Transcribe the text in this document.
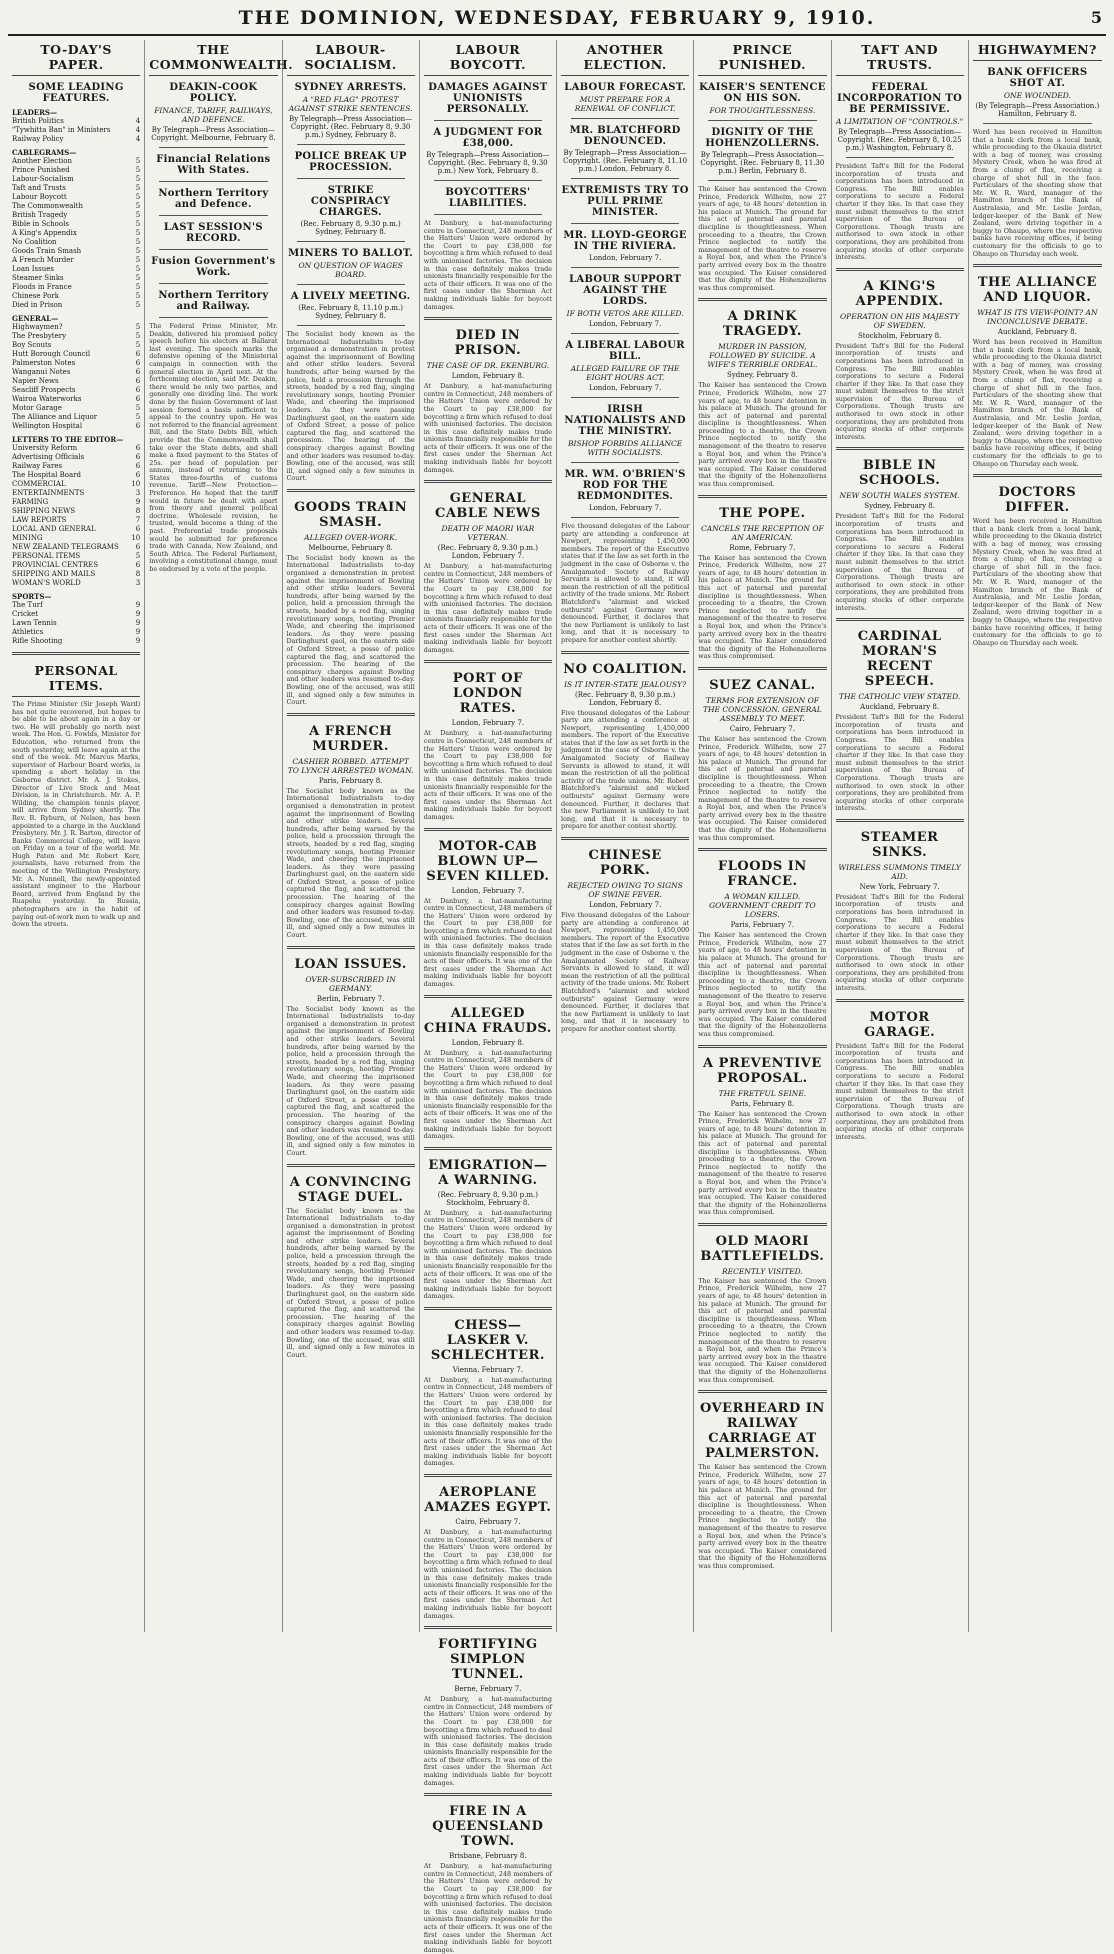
THE DOMINION, WEDNESDAY, FEBRUARY 9, 1910.	5
TO-DAY'S PAPER.
SOME LEADING FEATURES.
LEADERS—
British Politics	4
"Tywhitta Ban" in Ministers	4
Railway Policy	4
CABLEGRAMS—
Another Election	5
Prince Punished	5
Labour-Socialism	5
Taft and Trusts	5
Labour Boycott	5
The Commonwealth	5
British Tragedy	5
Bible in Schools	5
A King's Appendix	5
No Coalition	5
Goods Train Smash	5
A French Murder	5
Loan Issues	5
Steamer Sinks	5
Floods in France	5
Chinese Pork	5
Died in Prison	5
GENERAL—
Highwaymen?	5
The Presbytery	5
Boy Scouts	5
Hutt Borough Council	6
Palmerston Notes	6
Wanganui Notes	6
Napier News	6
Seacliff Prospects	6
Wairoa Waterworks	6
Motor Garage	5
The Alliance and Liquor	5
Wellington Hospital	6
LETTERS TO THE EDITOR—
University Reform	6
Advertising Officials	6
Railway Fares	6
The Hospital Board	6
COMMERCIAL	10
ENTERTAINMENTS	3
FARMING	9
SHIPPING NEWS	8
LAW REPORTS	7
LOCAL AND GENERAL	6
MINING	10
NEW ZEALAND TELEGRAMS	6
PERSONAL ITEMS	5
PROVINCIAL CENTRES	6
SHIPPING AND MAILS	8
WOMAN'S WORLD	3
SPORTS—
The Turf	9
Cricket	9
Lawn Tennis	9
Athletics	9
Rifle Shooting	9
PERSONAL ITEMS.
The Prime Minister (Sir Joseph Ward) has not quite recovered, but hopes to be able to be about again in a day or two. He will probably go north next week. The Hon. G. Fowlds, Minister for Education, who returned from the south yesterday, will leave again at the end of the week. Mr. Marcus Marks, supervisor of Harbour Board works, is spending a short holiday in the Gisborne district. Mr. A. J. Stokes, Director of Live Stock and Meat Division, is in Christchurch. Mr. A. P. Wilding, the champion tennis player, will arrive from Sydney shortly. The Rev. R. Ryburn, of Nelson, has been appointed to a charge in the Auckland Presbytery. Mr. J. R. Barton, director of Banks Commercial College, will leave on Friday on a tour of the world. Mr. Hugh Paton and Mr. Robert Kerr, journalists, have returned from the meeting of the Wellington Presbytery. Mr. A. Nunnell, the newly-appointed assistant engineer to the Harbour Board, arrived from England by the Ruapehu yesterday. In Russia, photographers are in the habit of paying out-of-work men to walk up and down the streets.
THE COMMONWEALTH.
DEAKIN-COOK POLICY.
FINANCE, TARIFF, RAILWAYS, AND DEFENCE.
By Telegraph—Press Association—Copyright. Melbourne, February 8.
Financial Relations With States.
Northern Territory and Defence.
LAST SESSION'S RECORD.
Fusion Government's Work.
Northern Territory and Railway.
The Federal Prime Minister, Mr. Deakin, delivered his promised policy speech before his electors at Ballarat last evening. The speech marks the defensive opening of the Ministerial campaign in connection with the general election in April next. At the forthcoming election, said Mr. Deakin, there would be only two parties, and generally one dividing line. The work done by the fusion Government of last session formed a basis sufficient to appeal to the country upon. He was not referred to the financial agreement Bill, and the State Debts Bill, which provide that the Commonwealth shall take over the State debts, and shall make a fixed payment to the States of 25s. per head of population per annum, instead of returning to the States three-fourths of customs revenue. Tariff—New Protection—Preference. He hoped that the tariff would in future be dealt with apart from theory and general political doctrine. Wholesale revision, he trusted, would become a thing of the past. Preferential trade proposals would be submitted for preference trade with Canada, New Zealand, and South Africa. The Federal Parliament, involving a constitutional change, must be endorsed by a vote of the people.
LABOUR-SOCIALISM.
SYDNEY ARRESTS.
A "RED FLAG" PROTEST AGAINST STRIKE SENTENCES.
By Telegraph—Press Association—Copyright. (Rec. February 8, 9.30 p.m.) Sydney, February 8.
POLICE BREAK UP PROCESSION.
STRIKE CONSPIRACY CHARGES.
(Rec. February 8, 9.30 p.m.) Sydney, February 8.
MINERS TO BALLOT.
ON QUESTION OF WAGES BOARD.
A LIVELY MEETING.
(Rec. February 8, 11.10 p.m.) Sydney, February 8.
The Socialist body known as the International Industrialists to-day organised a demonstration in protest against the imprisonment of Bowling and other strike leaders. Several hundreds, after being warned by the police, held a procession through the streets, headed by a red flag, singing revolutionary songs, hooting Premier Wade, and cheering the imprisoned leaders. As they were passing Darlinghurst gaol, on the eastern side of Oxford Street, a posse of police captured the flag, and scattered the procession. The hearing of the conspiracy charges against Bowling and other leaders was resumed to-day. Bowling, one of the accused, was still ill, and signed only a few minutes in Court.
GOODS TRAIN SMASH.
ALLEGED OVER-WORK.
Melbourne, February 8.
The Socialist body known as the International Industrialists to-day organised a demonstration in protest against the imprisonment of Bowling and other strike leaders. Several hundreds, after being warned by the police, held a procession through the streets, headed by a red flag, singing revolutionary songs, hooting Premier Wade, and cheering the imprisoned leaders. As they were passing Darlinghurst gaol, on the eastern side of Oxford Street, a posse of police captured the flag, and scattered the procession. The hearing of the conspiracy charges against Bowling and other leaders was resumed to-day. Bowling, one of the accused, was still ill, and signed only a few minutes in Court.
A FRENCH MURDER.
CASHIER ROBBED. ATTEMPT TO LYNCH ARRESTED WOMAN.
Paris, February 8.
The Socialist body known as the International Industrialists to-day organised a demonstration in protest against the imprisonment of Bowling and other strike leaders. Several hundreds, after being warned by the police, held a procession through the streets, headed by a red flag, singing revolutionary songs, hooting Premier Wade, and cheering the imprisoned leaders. As they were passing Darlinghurst gaol, on the eastern side of Oxford Street, a posse of police captured the flag, and scattered the procession. The hearing of the conspiracy charges against Bowling and other leaders was resumed to-day. Bowling, one of the accused, was still ill, and signed only a few minutes in Court.
LOAN ISSUES.
OVER-SUBSCRIBED IN GERMANY.
Berlin, February 7.
The Socialist body known as the International Industrialists to-day organised a demonstration in protest against the imprisonment of Bowling and other strike leaders. Several hundreds, after being warned by the police, held a procession through the streets, headed by a red flag, singing revolutionary songs, hooting Premier Wade, and cheering the imprisoned leaders. As they were passing Darlinghurst gaol, on the eastern side of Oxford Street, a posse of police captured the flag, and scattered the procession. The hearing of the conspiracy charges against Bowling and other leaders was resumed to-day. Bowling, one of the accused, was still ill, and signed only a few minutes in Court.
A CONVINCING STAGE DUEL.
The Socialist body known as the International Industrialists to-day organised a demonstration in protest against the imprisonment of Bowling and other strike leaders. Several hundreds, after being warned by the police, held a procession through the streets, headed by a red flag, singing revolutionary songs, hooting Premier Wade, and cheering the imprisoned leaders. As they were passing Darlinghurst gaol, on the eastern side of Oxford Street, a posse of police captured the flag, and scattered the procession. The hearing of the conspiracy charges against Bowling and other leaders was resumed to-day. Bowling, one of the accused, was still ill, and signed only a few minutes in Court.
LABOUR BOYCOTT.
DAMAGES AGAINST UNIONISTS PERSONALLY.
A JUDGMENT FOR £38,000.
By Telegraph—Press Association—Copyright. (Rec. February 8, 9.30 p.m.) New York, February 8.
BOYCOTTERS' LIABILITIES.
At Danbury, a hat-manufacturing centre in Connecticut, 248 members of the Hatters' Union were ordered by the Court to pay £38,000 for boycotting a firm which refused to deal with unionised factories. The decision in this case definitely makes trade unionists financially responsible for the acts of their officers. It was one of the first cases under the Sherman Act making individuals liable for boycott damages.
DIED IN PRISON.
THE CASE OF DR. EKENBURG.
London, February 8.
At Danbury, a hat-manufacturing centre in Connecticut, 248 members of the Hatters' Union were ordered by the Court to pay £38,000 for boycotting a firm which refused to deal with unionised factories. The decision in this case definitely makes trade unionists financially responsible for the acts of their officers. It was one of the first cases under the Sherman Act making individuals liable for boycott damages.
GENERAL CABLE NEWS
DEATH OF MAORI WAR VETERAN.
(Rec. February 8, 9.30 p.m.) London, February 7.
At Danbury, a hat-manufacturing centre in Connecticut, 248 members of the Hatters' Union were ordered by the Court to pay £38,000 for boycotting a firm which refused to deal with unionised factories. The decision in this case definitely makes trade unionists financially responsible for the acts of their officers. It was one of the first cases under the Sherman Act making individuals liable for boycott damages.
PORT OF LONDON RATES.
London, February 7.
At Danbury, a hat-manufacturing centre in Connecticut, 248 members of the Hatters' Union were ordered by the Court to pay £38,000 for boycotting a firm which refused to deal with unionised factories. The decision in this case definitely makes trade unionists financially responsible for the acts of their officers. It was one of the first cases under the Sherman Act making individuals liable for boycott damages.
MOTOR-CAB BLOWN UP—SEVEN KILLED.
London, February 7.
At Danbury, a hat-manufacturing centre in Connecticut, 248 members of the Hatters' Union were ordered by the Court to pay £38,000 for boycotting a firm which refused to deal with unionised factories. The decision in this case definitely makes trade unionists financially responsible for the acts of their officers. It was one of the first cases under the Sherman Act making individuals liable for boycott damages.
ALLEGED CHINA FRAUDS.
London, February 8.
At Danbury, a hat-manufacturing centre in Connecticut, 248 members of the Hatters' Union were ordered by the Court to pay £38,000 for boycotting a firm which refused to deal with unionised factories. The decision in this case definitely makes trade unionists financially responsible for the acts of their officers. It was one of the first cases under the Sherman Act making individuals liable for boycott damages.
EMIGRATION—A WARNING.
(Rec. February 8, 9.30 p.m.) Stockholm, February 8.
At Danbury, a hat-manufacturing centre in Connecticut, 248 members of the Hatters' Union were ordered by the Court to pay £38,000 for boycotting a firm which refused to deal with unionised factories. The decision in this case definitely makes trade unionists financially responsible for the acts of their officers. It was one of the first cases under the Sherman Act making individuals liable for boycott damages.
CHESS—LASKER V. SCHLECHTER.
Vienna, February 7.
At Danbury, a hat-manufacturing centre in Connecticut, 248 members of the Hatters' Union were ordered by the Court to pay £38,000 for boycotting a firm which refused to deal with unionised factories. The decision in this case definitely makes trade unionists financially responsible for the acts of their officers. It was one of the first cases under the Sherman Act making individuals liable for boycott damages.
AEROPLANE AMAZES EGYPT.
Cairo, February 7.
At Danbury, a hat-manufacturing centre in Connecticut, 248 members of the Hatters' Union were ordered by the Court to pay £38,000 for boycotting a firm which refused to deal with unionised factories. The decision in this case definitely makes trade unionists financially responsible for the acts of their officers. It was one of the first cases under the Sherman Act making individuals liable for boycott damages.
FORTIFYING SIMPLON TUNNEL.
Berne, February 7.
At Danbury, a hat-manufacturing centre in Connecticut, 248 members of the Hatters' Union were ordered by the Court to pay £38,000 for boycotting a firm which refused to deal with unionised factories. The decision in this case definitely makes trade unionists financially responsible for the acts of their officers. It was one of the first cases under the Sherman Act making individuals liable for boycott damages.
FIRE IN A QUEENSLAND TOWN.
Brisbane, February 8.
At Danbury, a hat-manufacturing centre in Connecticut, 248 members of the Hatters' Union were ordered by the Court to pay £38,000 for boycotting a firm which refused to deal with unionised factories. The decision in this case definitely makes trade unionists financially responsible for the acts of their officers. It was one of the first cases under the Sherman Act making individuals liable for boycott damages.
ANOTHER ELECTION.
LABOUR FORECAST.
MUST PREPARE FOR A RENEWAL OF CONFLICT.
MR. BLATCHFORD DENOUNCED.
By Telegraph—Press Association—Copyright. (Rec. February 8, 11.10 p.m.) London, February 8.
EXTREMISTS TRY TO PULL PRIME MINISTER.
MR. LLOYD-GEORGE IN THE RIVIERA.
London, February 7.
LABOUR SUPPORT AGAINST THE LORDS.
IF BOTH VETOS ARE KILLED.
London, February 7.
A LIBERAL LABOUR BILL.
ALLEGED FAILURE OF THE EIGHT HOURS ACT.
London, February 7.
IRISH NATIONALISTS AND THE MINISTRY.
BISHOP FORBIDS ALLIANCE WITH SOCIALISTS.
MR. WM. O'BRIEN'S ROD FOR THE REDMONDITES.
London, February 7.
Five thousand delegates of the Labour party are attending a conference at Newport, representing 1,450,000 members. The report of the Executive states that if the law as set forth in the judgment in the case of Osborne v. the Amalgamated Society of Railway Servants is allowed to stand, it will mean the restriction of all the political activity of the trade unions. Mr. Robert Blatchford's "alarmist and wicked outbursts" against Germany were denounced. Further, it declares that the new Parliament is unlikely to last long, and that it is necessary to prepare for another contest shortly.
NO COALITION.
IS IT INTER-STATE JEALOUSY?
(Rec. February 8, 9.30 p.m.) London, February 8.
Five thousand delegates of the Labour party are attending a conference at Newport, representing 1,450,000 members. The report of the Executive states that if the law as set forth in the judgment in the case of Osborne v. the Amalgamated Society of Railway Servants is allowed to stand, it will mean the restriction of all the political activity of the trade unions. Mr. Robert Blatchford's "alarmist and wicked outbursts" against Germany were denounced. Further, it declares that the new Parliament is unlikely to last long, and that it is necessary to prepare for another contest shortly.
CHINESE PORK.
REJECTED OWING TO SIGNS OF SWINE FEVER.
London, February 7.
Five thousand delegates of the Labour party are attending a conference at Newport, representing 1,450,000 members. The report of the Executive states that if the law as set forth in the judgment in the case of Osborne v. the Amalgamated Society of Railway Servants is allowed to stand, it will mean the restriction of all the political activity of the trade unions. Mr. Robert Blatchford's "alarmist and wicked outbursts" against Germany were denounced. Further, it declares that the new Parliament is unlikely to last long, and that it is necessary to prepare for another contest shortly.
PRINCE PUNISHED.
KAISER'S SENTENCE ON HIS SON.
FOR THOUGHTLESSNESS.
DIGNITY OF THE HOHENZOLLERNS.
By Telegraph—Press Association—Copyright. (Rec. February 8, 11.30 p.m.) Berlin, February 8.
The Kaiser has sentenced the Crown Prince, Frederick Wilhelm, now 27 years of age, to 48 hours' detention in his palace at Munich. The ground for this act of paternal and parental discipline is thoughtlessness. When proceeding to a theatre, the Crown Prince neglected to notify the management of the theatre to reserve a Royal box, and when the Prince's party arrived every box in the theatre was occupied. The Kaiser considered that the dignity of the Hohenzollerns was thus compromised.
A DRINK TRAGEDY.
MURDER IN PASSION, FOLLOWED BY SUICIDE. A WIFE'S TERRIBLE ORDEAL.
Sydney, February 8.
The Kaiser has sentenced the Crown Prince, Frederick Wilhelm, now 27 years of age, to 48 hours' detention in his palace at Munich. The ground for this act of paternal and parental discipline is thoughtlessness. When proceeding to a theatre, the Crown Prince neglected to notify the management of the theatre to reserve a Royal box, and when the Prince's party arrived every box in the theatre was occupied. The Kaiser considered that the dignity of the Hohenzollerns was thus compromised.
THE POPE.
CANCELS THE RECEPTION OF AN AMERICAN.
Rome, February 7.
The Kaiser has sentenced the Crown Prince, Frederick Wilhelm, now 27 years of age, to 48 hours' detention in his palace at Munich. The ground for this act of paternal and parental discipline is thoughtlessness. When proceeding to a theatre, the Crown Prince neglected to notify the management of the theatre to reserve a Royal box, and when the Prince's party arrived every box in the theatre was occupied. The Kaiser considered that the dignity of the Hohenzollerns was thus compromised.
SUEZ CANAL.
TERMS FOR EXTENSION OF THE CONCESSION. GENERAL ASSEMBLY TO MEET.
Cairo, February 7.
The Kaiser has sentenced the Crown Prince, Frederick Wilhelm, now 27 years of age, to 48 hours' detention in his palace at Munich. The ground for this act of paternal and parental discipline is thoughtlessness. When proceeding to a theatre, the Crown Prince neglected to notify the management of the theatre to reserve a Royal box, and when the Prince's party arrived every box in the theatre was occupied. The Kaiser considered that the dignity of the Hohenzollerns was thus compromised.
FLOODS IN FRANCE.
A WOMAN KILLED. GOVERNMENT CREDIT TO LOSERS.
Paris, February 7.
The Kaiser has sentenced the Crown Prince, Frederick Wilhelm, now 27 years of age, to 48 hours' detention in his palace at Munich. The ground for this act of paternal and parental discipline is thoughtlessness. When proceeding to a theatre, the Crown Prince neglected to notify the management of the theatre to reserve a Royal box, and when the Prince's party arrived every box in the theatre was occupied. The Kaiser considered that the dignity of the Hohenzollerns was thus compromised.
A PREVENTIVE PROPOSAL.
THE FRETFUL SEINE.
Paris, February 8.
The Kaiser has sentenced the Crown Prince, Frederick Wilhelm, now 27 years of age, to 48 hours' detention in his palace at Munich. The ground for this act of paternal and parental discipline is thoughtlessness. When proceeding to a theatre, the Crown Prince neglected to notify the management of the theatre to reserve a Royal box, and when the Prince's party arrived every box in the theatre was occupied. The Kaiser considered that the dignity of the Hohenzollerns was thus compromised.
OLD MAORI BATTLEFIELDS.
RECENTLY VISITED.
The Kaiser has sentenced the Crown Prince, Frederick Wilhelm, now 27 years of age, to 48 hours' detention in his palace at Munich. The ground for this act of paternal and parental discipline is thoughtlessness. When proceeding to a theatre, the Crown Prince neglected to notify the management of the theatre to reserve a Royal box, and when the Prince's party arrived every box in the theatre was occupied. The Kaiser considered that the dignity of the Hohenzollerns was thus compromised.
OVERHEARD IN RAILWAY CARRIAGE AT PALMERSTON.
The Kaiser has sentenced the Crown Prince, Frederick Wilhelm, now 27 years of age, to 48 hours' detention in his palace at Munich. The ground for this act of paternal and parental discipline is thoughtlessness. When proceeding to a theatre, the Crown Prince neglected to notify the management of the theatre to reserve a Royal box, and when the Prince's party arrived every box in the theatre was occupied. The Kaiser considered that the dignity of the Hohenzollerns was thus compromised.
TAFT AND TRUSTS.
FEDERAL INCORPORATION TO BE PERMISSIVE.
A LIMITATION OF "CONTROLS."
By Telegraph—Press Association—Copyright. (Rec. February 8, 10.25 p.m.) Washington, February 8.
President Taft's Bill for the Federal incorporation of trusts and corporations has been introduced in Congress. The Bill enables corporations to secure a Federal charter if they like. In that case they must submit themselves to the strict supervision of the Bureau of Corporations. Though trusts are authorised to own stock in other corporations, they are prohibited from acquiring stocks of other corporate interests.
A KING'S APPENDIX.
OPERATION ON HIS MAJESTY OF SWEDEN.
Stockholm, February 8.
President Taft's Bill for the Federal incorporation of trusts and corporations has been introduced in Congress. The Bill enables corporations to secure a Federal charter if they like. In that case they must submit themselves to the strict supervision of the Bureau of Corporations. Though trusts are authorised to own stock in other corporations, they are prohibited from acquiring stocks of other corporate interests.
BIBLE IN SCHOOLS.
NEW SOUTH WALES SYSTEM.
Sydney, February 8.
President Taft's Bill for the Federal incorporation of trusts and corporations has been introduced in Congress. The Bill enables corporations to secure a Federal charter if they like. In that case they must submit themselves to the strict supervision of the Bureau of Corporations. Though trusts are authorised to own stock in other corporations, they are prohibited from acquiring stocks of other corporate interests.
CARDINAL MORAN'S RECENT SPEECH.
THE CATHOLIC VIEW STATED.
Auckland, February 8.
President Taft's Bill for the Federal incorporation of trusts and corporations has been introduced in Congress. The Bill enables corporations to secure a Federal charter if they like. In that case they must submit themselves to the strict supervision of the Bureau of Corporations. Though trusts are authorised to own stock in other corporations, they are prohibited from acquiring stocks of other corporate interests.
STEAMER SINKS.
WIRELESS SUMMONS TIMELY AID.
New York, February 7.
President Taft's Bill for the Federal incorporation of trusts and corporations has been introduced in Congress. The Bill enables corporations to secure a Federal charter if they like. In that case they must submit themselves to the strict supervision of the Bureau of Corporations. Though trusts are authorised to own stock in other corporations, they are prohibited from acquiring stocks of other corporate interests.
MOTOR GARAGE.
President Taft's Bill for the Federal incorporation of trusts and corporations has been introduced in Congress. The Bill enables corporations to secure a Federal charter if they like. In that case they must submit themselves to the strict supervision of the Bureau of Corporations. Though trusts are authorised to own stock in other corporations, they are prohibited from acquiring stocks of other corporate interests.
HIGHWAYMEN?
BANK OFFICERS SHOT AT.
ONE WOUNDED.
(By Telegraph—Press Association.) Hamilton, February 8.
Word has been received in Hamilton that a bank clerk from a local bank, while proceeding to the Okauia district with a bag of money, was crossing Mystery Creek, when he was fired at from a clump of flax, receiving a charge of shot full in the face. Particulars of the shooting show that Mr. W. R. Ward, manager of the Hamilton branch of the Bank of Australasia, and Mr. Leslie Jordan, ledger-keeper of the Bank of New Zealand, were driving together in a buggy to Ohaupo, where the respective banks have receiving offices, it being customary for the officials to go to Ohaupo on Thursday each week.
THE ALLIANCE AND LIQUOR.
WHAT IS ITS VIEW-POINT? AN INCONCLUSIVE DEBATE.
Auckland, February 8.
Word has been received in Hamilton that a bank clerk from a local bank, while proceeding to the Okauia district with a bag of money, was crossing Mystery Creek, when he was fired at from a clump of flax, receiving a charge of shot full in the face. Particulars of the shooting show that Mr. W. R. Ward, manager of the Hamilton branch of the Bank of Australasia, and Mr. Leslie Jordan, ledger-keeper of the Bank of New Zealand, were driving together in a buggy to Ohaupo, where the respective banks have receiving offices, it being customary for the officials to go to Ohaupo on Thursday each week.
DOCTORS DIFFER.
Word has been received in Hamilton that a bank clerk from a local bank, while proceeding to the Okauia district with a bag of money, was crossing Mystery Creek, when he was fired at from a clump of flax, receiving a charge of shot full in the face. Particulars of the shooting show that Mr. W. R. Ward, manager of the Hamilton branch of the Bank of Australasia, and Mr. Leslie Jordan, ledger-keeper of the Bank of New Zealand, were driving together in a buggy to Ohaupo, where the respective banks have receiving offices, it being customary for the officials to go to Ohaupo on Thursday each week.
